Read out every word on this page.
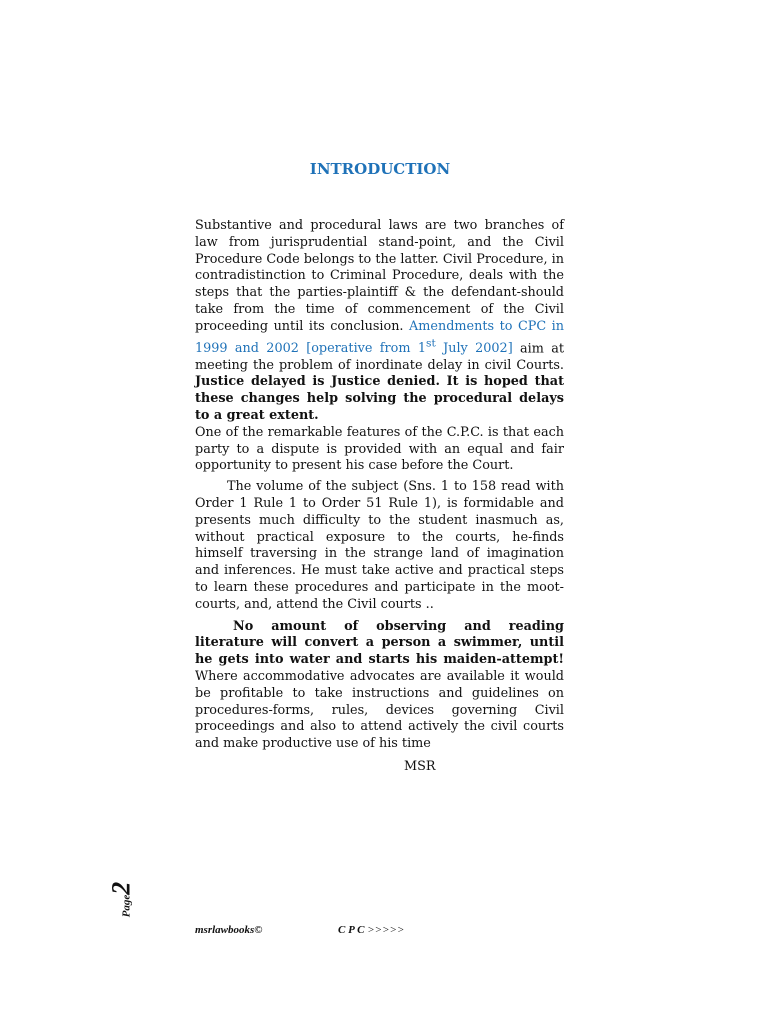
INTRODUCTION

Substantive and procedural laws are two branches of law from jurisprudential stand-point, and the Civil Procedure Code belongs to the latter. Civil Procedure, in contradistinction to Criminal Procedure, deals with the steps that the parties-plaintiff & the defendant-should take from the time of commencement of the Civil proceeding until its conclusion. Amendments to CPC in 1999 and 2002 [operative from 1st July 2002] aim at meeting the problem of inordinate delay in civil Courts. Justice delayed is Justice denied. It is hoped that these changes help solving the procedural delays to a great extent.
One of the remarkable features of the C.P.C. is that each party to a dispute is provided with an equal and fair opportunity to present his case before the Court.

The volume of the subject (Sns. 1 to 158 read with Order 1 Rule 1 to Order 51 Rule 1), is formidable and presents much difficulty to the student inasmuch as, without practical exposure to the courts, he-finds himself traversing in the strange land of imagination and inferences. He must take active and practical steps to learn these procedures and participate in the moot-courts, and, attend the Civil courts ..

No amount of observing and reading literature will convert a person a swimmer, until he gets into water and starts his maiden-attempt! Where accommodative advocates are available it would be profitable to take instructions and guidelines on procedures-forms, rules, devices governing Civil proceedings and also to attend actively the civil courts and make productive use of his time

MSR
Page
2
msrlawbooks©	C P C >>>>>
